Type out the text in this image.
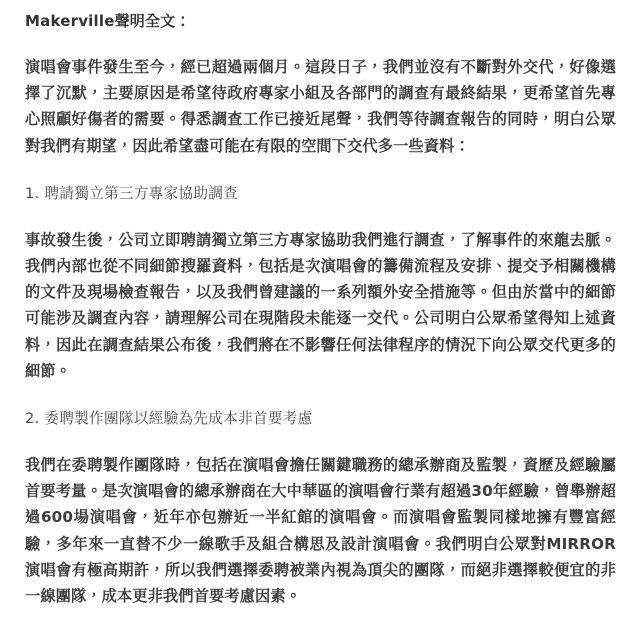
Makerville聲明全文：

演唱會事件發生至今，經已超過兩個月。這段日子，我們並沒有不斷對外交代，好像選擇了沉默，主要原因是希望待政府專家小組及各部門的調查有最終結果，更希望首先專心照顧好傷者的需要。得悉調查工作已接近尾聲，我們等待調查報告的同時，明白公眾對我們有期望，因此希望盡可能在有限的空間下交代多一些資料：

1. 聘請獨立第三方專家協助調查

事故發生後，公司立即聘請獨立第三方專家協助我們進行調查，了解事件的來龍去脈。我們內部也從不同細節搜羅資料，包括是次演唱會的籌備流程及安排、提交予相關機構的文件及現場檢查報告，以及我們曾建議的一系列額外安全措施等。但由於當中的細節可能涉及調查內容，請理解公司在現階段未能逐一交代。公司明白公眾希望得知上述資料，因此在調查結果公布後，我們將在不影響任何法律程序的情況下向公眾交代更多的細節。

2. 委聘製作團隊以經驗為先成本非首要考慮

我們在委聘製作團隊時，包括在演唱會擔任關鍵職務的總承辦商及監製，資歷及經驗屬首要考量。是次演唱會的總承辦商在大中華區的演唱會行業有超過30年經驗，曾舉辦超過600場演唱會，近年亦包辦近一半紅館的演唱會。而演唱會監製同樣地擁有豐富經驗，多年來一直替不少一線歌手及組合構思及設計演唱會。我們明白公眾對MIRROR演唱會有極高期許，所以我們選擇委聘被業內視為頂尖的團隊，而絕非選擇較便宜的非一線團隊，成本更非我們首要考慮因素。
